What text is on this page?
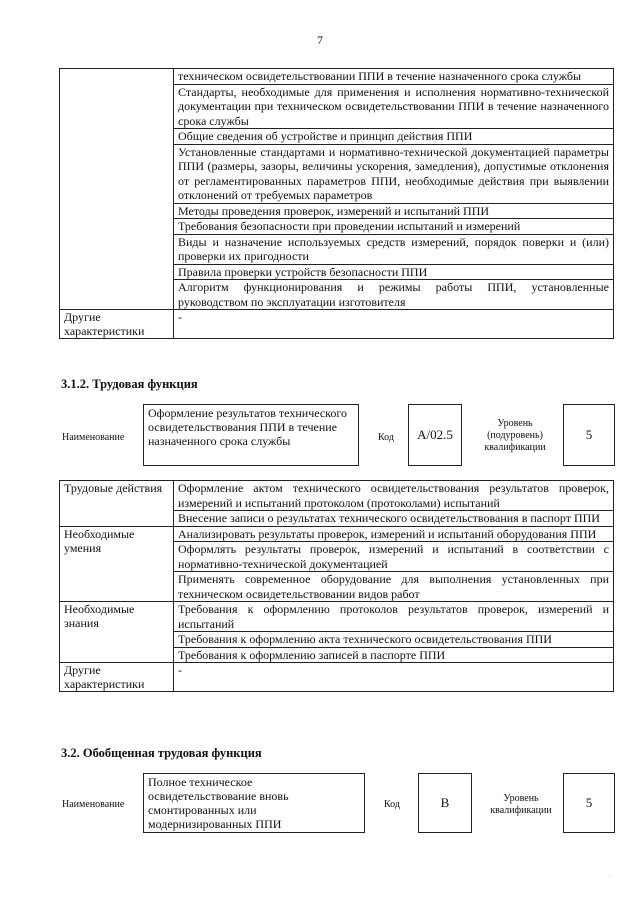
7
	техническом освидетельствовании ППИ в течение назначенного срока службы
	Стандарты, необходимые для применения и исполнения нормативно-технической документации при техническом освидетельствовании ППИ в течение назначенного срока службы
	Общие сведения об устройстве и принцип действия ППИ
	Установленные стандартами и нормативно-технической документацией параметры ППИ (размеры, зазоры, величины ускорения, замедления), допустимые отклонения от регламентированных параметров ППИ, необходимые действия при выявлении отклонений от требуемых параметров
	Методы проведения проверок, измерений и испытаний ППИ
	Требования безопасности при проведении испытаний и измерений
	Виды и назначение используемых средств измерений, порядок поверки и (или) проверки их пригодности
	Правила проверки устройств безопасности ППИ
	Алгоритм функционирования и режимы работы ППИ, установленные руководством по эксплуатации изготовителя
Другие характеристики	-
3.1.2. Трудовая функция
Наименование
Оформление результатов технического освидетельствования ППИ в течение назначенного срока службы	Код A/02.5
Уровень (подуровень) квалификации
5
Трудовые действия	Оформление актом технического освидетельствования результатов проверок, измерений и испытаний протоколом (протоколами) испытаний
	Внесение записи о результатах технического освидетельствования в паспорт ППИ
Необходимые умения	Анализировать результаты проверок, измерений и испытаний оборудования ППИ
	Оформлять результаты проверок, измерений и испытаний в соответствии с нормативно-технической документацией
	Применять современное оборудование для выполнения установленных при техническом освидетельствовании видов работ
Необходимые знания	Требования к оформлению протоколов результатов проверок, измерений и испытаний
	Требования к оформлению акта технического освидетельствования ППИ
	Требования к оформлению записей в паспорте ППИ
Другие характеристики	-
3.2. Обобщенная трудовая функция
Наименование
Полное техническое освидетельствование вновь смонтированных или модернизированных ППИ
Код	B	Уровень квалификации
5
·
